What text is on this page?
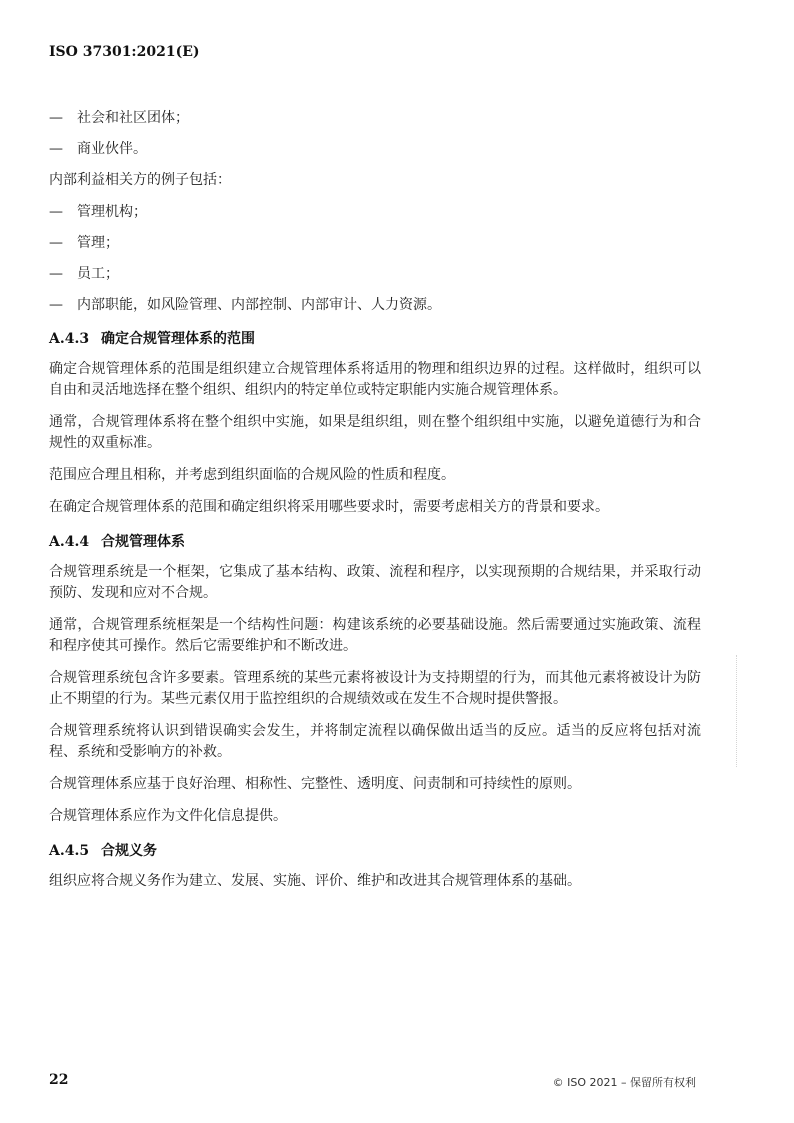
ISO 37301:2021(E)
—	社会和社区团体；
—	商业伙伴。

内部利益相关方的例子包括：

—	管理机构；
—	管理；
—	员工；
—	内部职能，如风险管理、内部控制、内部审计、人力资源。
A.4.3 确定合规管理体系的范围

确定合规管理体系的范围是组织建立合规管理体系将适用的物理和组织边界的过程。这样做时，组织可以自由和灵活地选择在整个组织、组织内的特定单位或特定职能内实施合规管理体系。

通常，合规管理体系将在整个组织中实施，如果是组织组，则在整个组织组中实施，以避免道德行为和合规性的双重标准。

范围应合理且相称，并考虑到组织面临的合规风险的性质和程度。

在确定合规管理体系的范围和确定组织将采用哪些要求时，需要考虑相关方的背景和要求。

A.4.4 合规管理体系

合规管理系统是一个框架，它集成了基本结构、政策、流程和程序，以实现预期的合规结果，并采取行动预防、发现和应对不合规。

通常，合规管理系统框架是一个结构性问题：构建该系统的必要基础设施。然后需要通过实施政策、流程和程序使其可操作。然后它需要维护和不断改进。

合规管理系统包含许多要素。管理系统的某些元素将被设计为支持期望的行为，而其他元素将被设计为防止不期望的行为。某些元素仅用于监控组织的合规绩效或在发生不合规时提供警报。

合规管理系统将认识到错误确实会发生，并将制定流程以确保做出适当的反应。适当的反应将包括对流程、系统和受影响方的补救。

合规管理体系应基于良好治理、相称性、完整性、透明度、问责制和可持续性的原则。

合规管理体系应作为文件化信息提供。

A.4.5 合规义务

组织应将合规义务作为建立、发展、实施、评价、维护和改进其合规管理体系的基础。

22	© ISO 2021 – 保留所有权利
